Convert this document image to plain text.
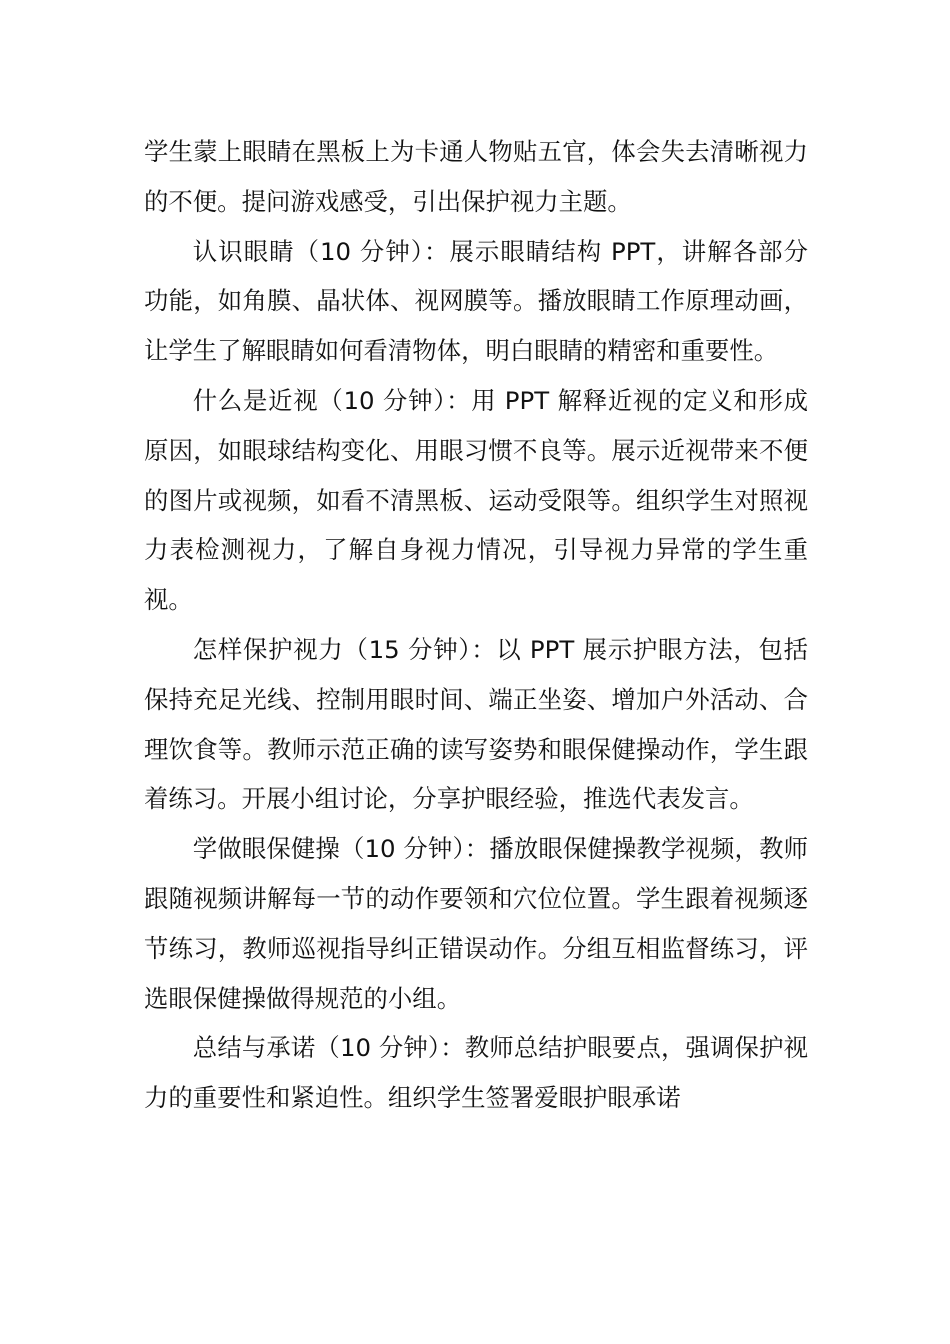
学生蒙上眼睛在黑板上为卡通人物贴五官，体会失去清晰视力的不便。提问游戏感受，引出保护视力主题。

认识眼睛（10 分钟）：展示眼睛结构 PPT，讲解各部分功能，如角膜、晶状体、视网膜等。播放眼睛工作原理动画，让学生了解眼睛如何看清物体，明白眼睛的精密和重要性。

什么是近视（10 分钟）：用 PPT 解释近视的定义和形成原因，如眼球结构变化、用眼习惯不良等。展示近视带来不便的图片或视频，如看不清黑板、运动受限等。组织学生对照视力表检测视力，了解自身视力情况，引导视力异常的学生重视。

怎样保护视力（15 分钟）：以 PPT 展示护眼方法，包括保持充足光线、控制用眼时间、端正坐姿、增加户外活动、合理饮食等。教师示范正确的读写姿势和眼保健操动作，学生跟着练习。开展小组讨论，分享护眼经验，推选代表发言。

学做眼保健操（10 分钟）：播放眼保健操教学视频，教师跟随视频讲解每一节的动作要领和穴位位置。学生跟着视频逐节练习，教师巡视指导纠正错误动作。分组互相监督练习，评选眼保健操做得规范的小组。

总结与承诺（10 分钟）：教师总结护眼要点，强调保护视力的重要性和紧迫性。组织学生签署爱眼护眼承诺
